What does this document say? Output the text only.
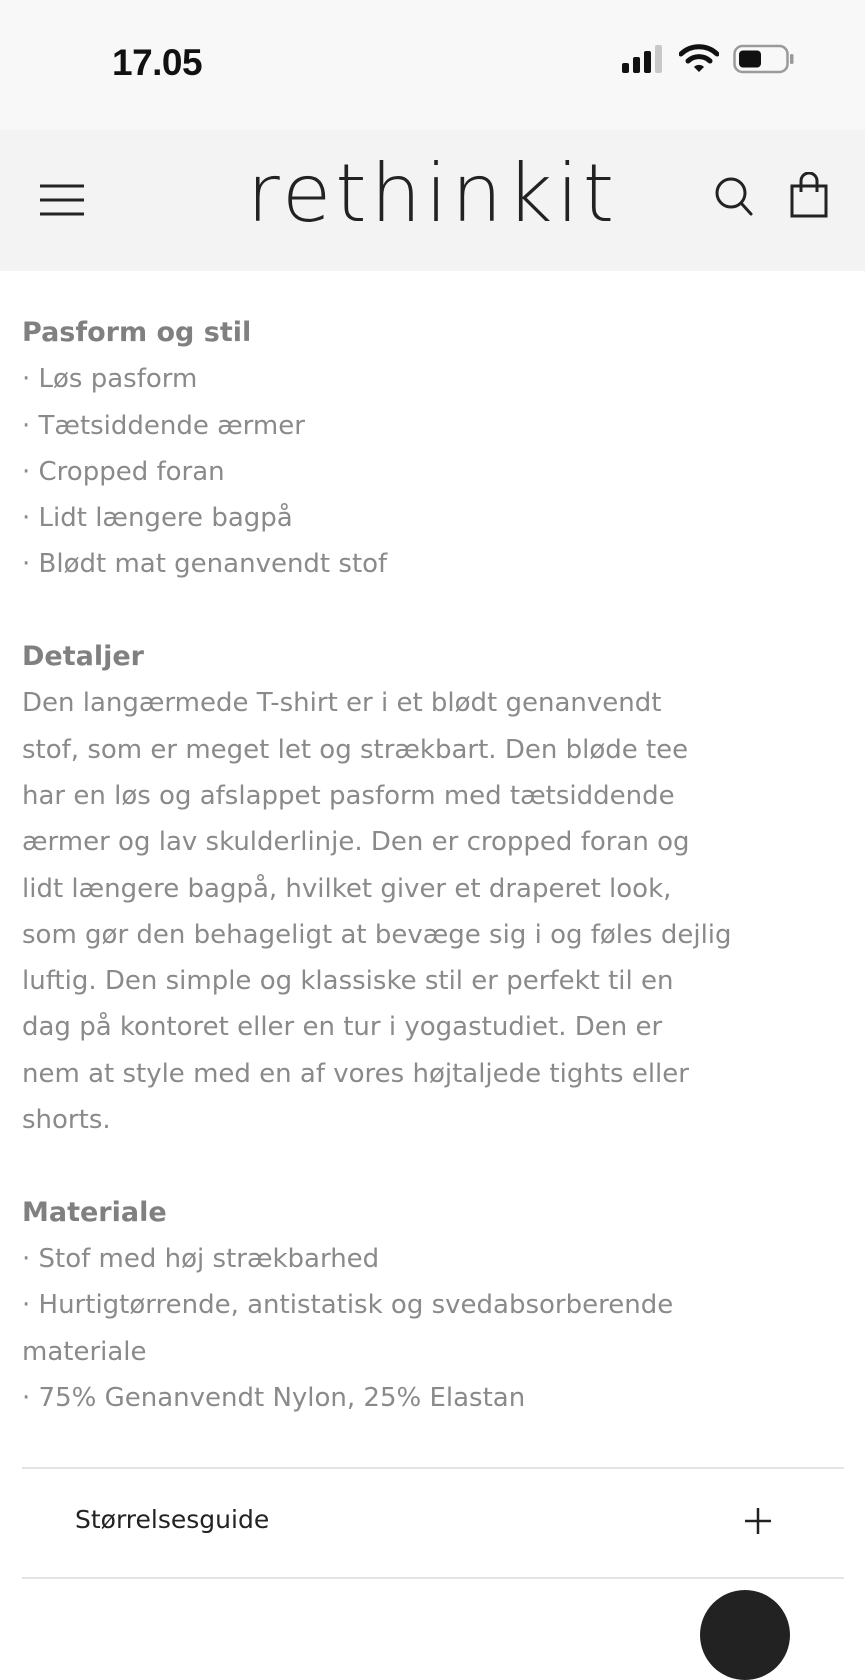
17.05
rethinkit
Pasform og stil
· Løs pasform
· Tætsiddende ærmer
· Cropped foran
· Lidt længere bagpå
· Blødt mat genanvendt stof
Detaljer
Den langærmede T-shirt er i et blødt genanvendt
stof, som er meget let og strækbart. Den bløde tee
har en løs og afslappet pasform med tætsiddende
ærmer og lav skulderlinje. Den er cropped foran og
lidt længere bagpå, hvilket giver et draperet look,
som gør den behageligt at bevæge sig i og føles dejlig
luftig. Den simple og klassiske stil er perfekt til en
dag på kontoret eller en tur i yogastudiet. Den er
nem at style med en af vores højtaljede tights eller
shorts.
Materiale
· Stof med høj strækbarhed
· Hurtigtørrende, antistatisk og svedabsorberende
materiale
· 75% Genanvendt Nylon, 25% Elastan
Størrelsesguide
